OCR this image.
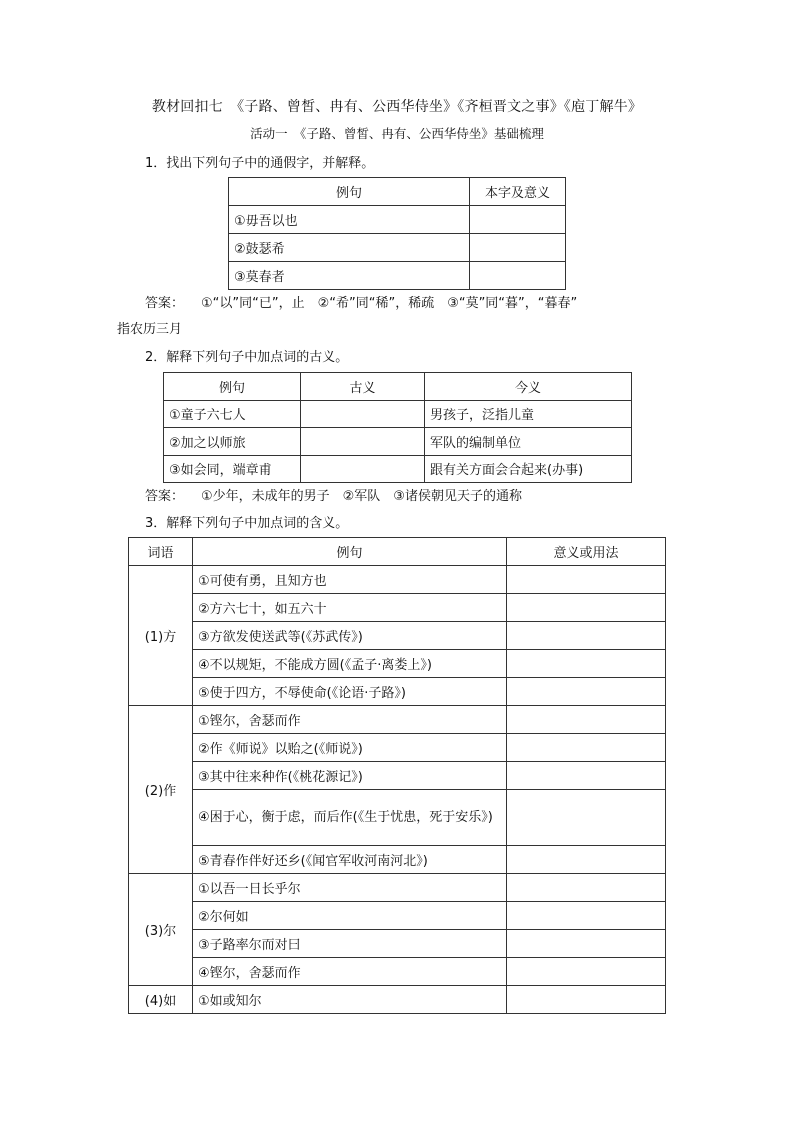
教材回扣七　《子路、曾皙、冉有、公西华侍坐》《齐桓晋文之事》《庖丁解牛》
活动一　《子路、曾皙、冉有、公西华侍坐》基础梳理
1．找出下列句子中的通假字，并解释。
例句	本字及意义
①毋吾以也	
②鼓瑟希	
③莫春者	
答案： ①“以”同“已”，止　②“希”同“稀”，稀疏　③“莫”同“暮”，“暮春”
指农历三月
2．解释下列句子中加点词的古义。
例句	古义	今义
①童子六七人		男孩子，泛指儿童
②加之以师旅		军队的编制单位
③如会同，端章甫		跟有关方面会合起来(办事)
答案： ①少年，未成年的男子　②军队　③诸侯朝见天子的通称
3．解释下列句子中加点词的含义。
词语	例句	意义或用法
(1)方	①可使有勇，且知方也	
	②方六七十，如五六十	
	③方欲发使送武等(《苏武传》)	
	④不以规矩，不能成方圆(《孟子·离娄上》)	
	⑤使于四方，不辱使命(《论语·子路》)	
(2)作	①铿尔，舍瑟而作	
	②作《师说》以贻之(《师说》)	
	③其中往来种作(《桃花源记》)	
	④困于心，衡于虑，而后作(《生于忧患，死于安乐》)	
	⑤青春作伴好还乡(《闻官军收河南河北》)	
(3)尔	①以吾一日长乎尔	
	②尔何如	
	③子路率尔而对曰	
	④铿尔，舍瑟而作	
(4)如	①如或知尔	
